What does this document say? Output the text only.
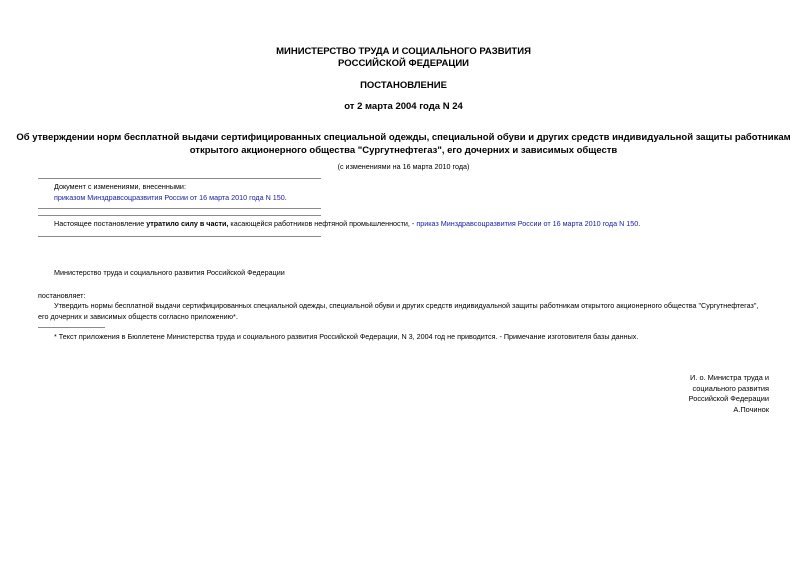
МИНИСТЕРСТВО ТРУДА И СОЦИАЛЬНОГО РАЗВИТИЯ
РОССИЙСКОЙ ФЕДЕРАЦИИ
ПОСТАНОВЛЕНИЕ
от 2 марта 2004 года N 24
Об утверждении норм бесплатной выдачи сертифицированных специальной одежды, специальной обуви и других средств индивидуальной защиты работникам
открытого акционерного общества "Сургутнефтегаз", его дочерних и зависимых обществ
(с изменениями на 16 марта 2010 года)
Документ с изменениями, внесенными:
приказом Минздравсоцразвития России от 16 марта 2010 года N 150.
Настоящее постановление утратило силу в части, касающейся работников нефтяной промышленности, - приказ Минздравсоцразвития России от 16 марта 2010 года N 150.
Министерство труда и социального развития Российской Федерации
постановляет:
Утвердить нормы бесплатной выдачи сертифицированных специальной одежды, специальной обуви и других средств индивидуальной защиты работникам открытого акционерного общества "Сургутнефтегаз", его дочерних и зависимых обществ согласно приложению*.
* Текст приложения в Бюллетене Министерства труда и социального развития Российской Федерации, N 3, 2004 год не приводится. - Примечание изготовителя базы данных.
И. о. Министра труда и
социального развития
Российской Федерации
А.Починок
